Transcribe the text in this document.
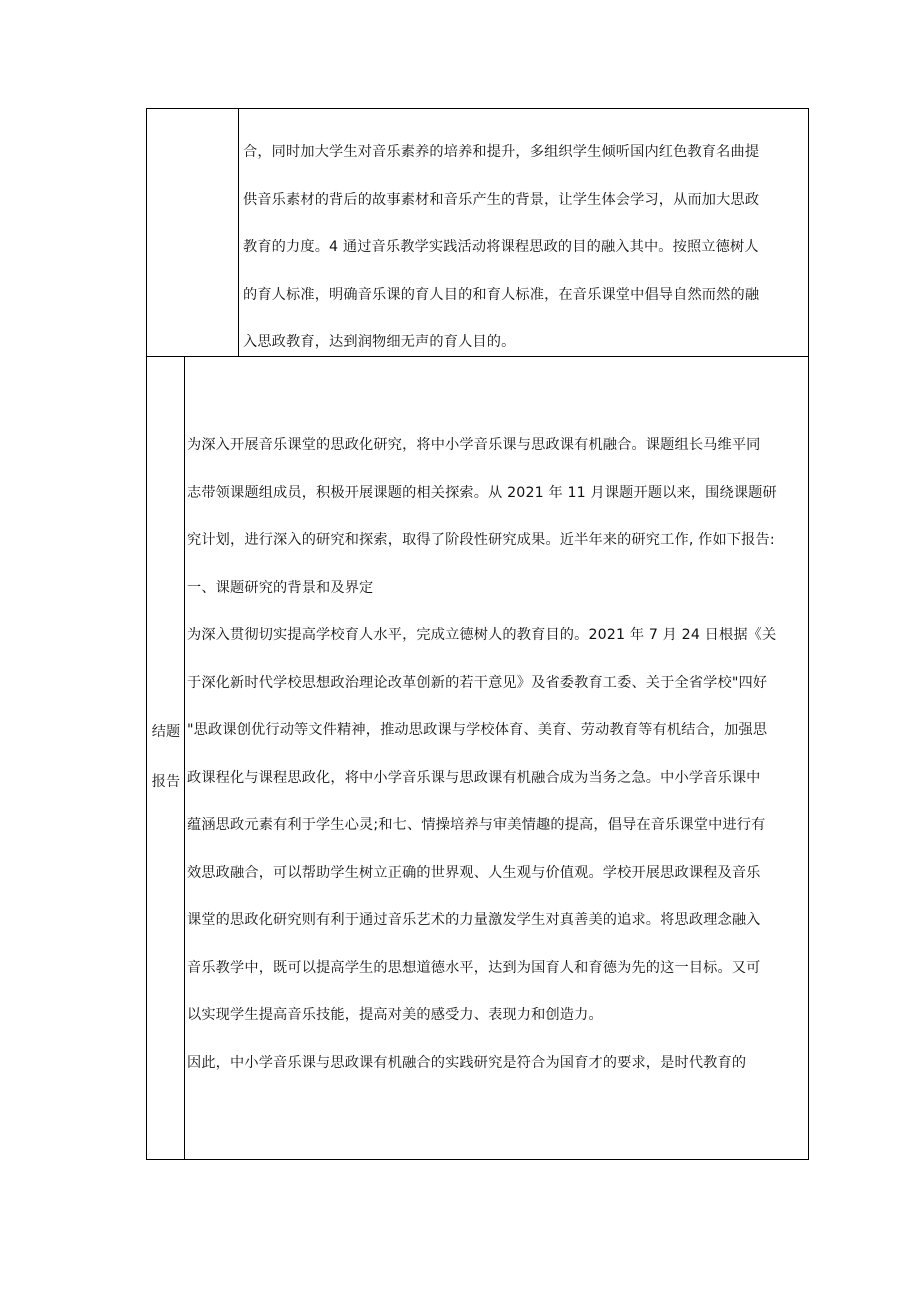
合，同时加大学生对音乐素养的培养和提升，多组织学生倾听国内红色教育名曲提
供音乐素材的背后的故事素材和音乐产生的背景，让学生体会学习，从而加大思政
教育的力度。4 通过音乐教学实践活动将课程思政的目的融入其中。按照立德树人
的育人标准，明确音乐课的育人目的和育人标准，在音乐课堂中倡导自然而然的融
入思政教育，达到润物细无声的育人目的。
结题
报告
为深入开展音乐课堂的思政化研究，将中小学音乐课与思政课有机融合。课题组长马维平同
志带领课题组成员，积极开展课题的相关探索。从 2021 年 11 月课题开题以来，围绕课题研
究计划，进行深入的研究和探索，取得了阶段性研究成果。近半年来的研究工作, 作如下报告:
一、课题研究的背景和及界定
为深入贯彻切实提高学校育人水平，完成立德树人的教育目的。2021 年 7 月 24 日根据《关
于深化新时代学校思想政治理论改革创新的若干意见》及省委教育工委、关于全省学校"四好
"思政课创优行动等文件精神，推动思政课与学校体育、美育、劳动教育等有机结合，加强思
政课程化与课程思政化，将中小学音乐课与思政课有机融合成为当务之急。中小学音乐课中
蕴涵思政元素有利于学生心灵;和七、情操培养与审美情趣的提高，倡导在音乐课堂中进行有
效思政融合，可以帮助学生树立正确的世界观、人生观与价值观。学校开展思政课程及音乐
课堂的思政化研究则有利于通过音乐艺术的力量激发学生对真善美的追求。将思政理念融入
音乐教学中，既可以提高学生的思想道德水平，达到为国育人和育德为先的这一目标。又可
以实现学生提高音乐技能，提高对美的感受力、表现力和创造力。
因此，中小学音乐课与思政课有机融合的实践研究是符合为国育才的要求，是时代教育的
